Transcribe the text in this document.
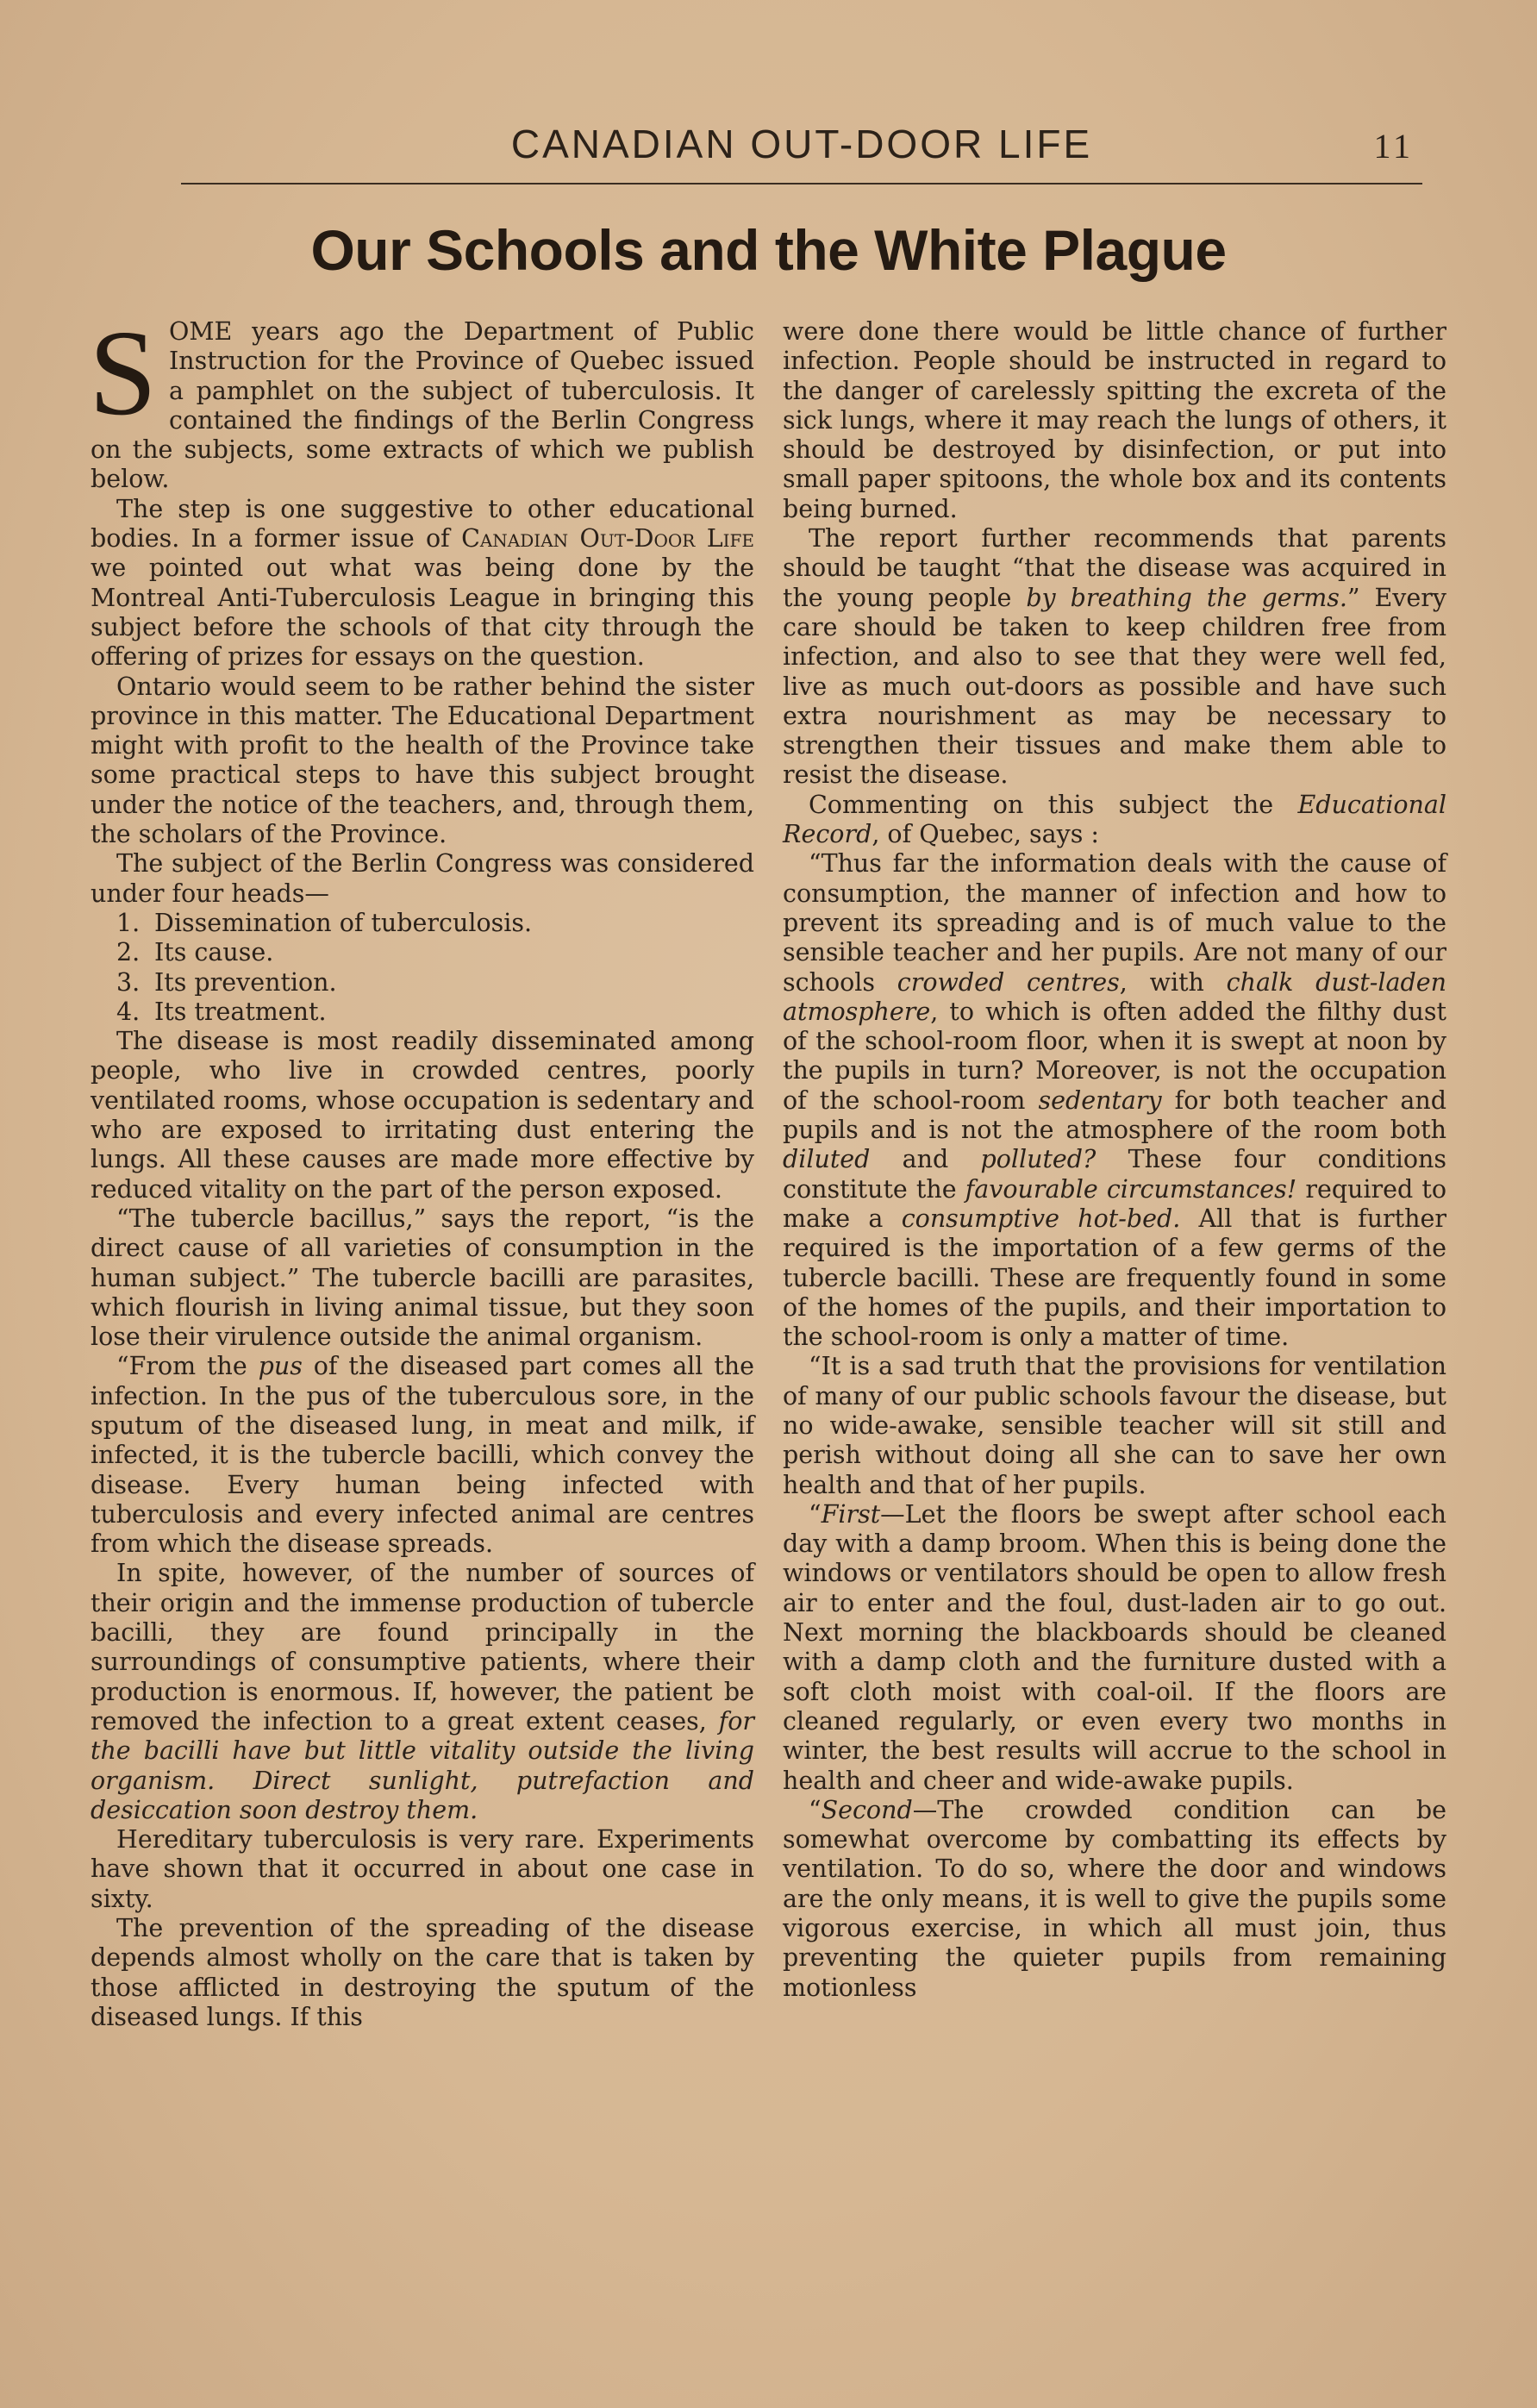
CANADIAN OUT-DOOR LIFE	11
Our Schools and the White Plague

SOME years ago the Department of Public Instruction for the Province of Quebec issued a pamphlet on the subject of tuberculosis. It contained the findings of the Berlin Congress on the subjects, some extracts of which we publish below.

The step is one suggestive to other educational bodies. In a former issue of Canadian Out-Door Life we pointed out what was being done by the Montreal Anti-Tuberculosis League in bringing this subject before the schools of that city through the offering of prizes for essays on the question.

Ontario would seem to be rather behind the sister province in this matter. The Educational Department might with profit to the health of the Province take some practical steps to have this subject brought under the notice of the teachers, and, through them, the scholars of the Province.

The subject of the Berlin Congress was considered under four heads—

1. Dissemination of tuberculosis.
2. Its cause.
3. Its prevention.
4. Its treatment.

The disease is most readily disseminated among people, who live in crowded centres, poorly ventilated rooms, whose occupation is sedentary and who are exposed to irritating dust entering the lungs. All these causes are made more effective by reduced vitality on the part of the person exposed.

“The tubercle bacillus,” says the report, “is the direct cause of all varieties of consumption in the human subject.” The tubercle bacilli are parasites, which flourish in living animal tissue, but they soon lose their virulence outside the animal organism.

“From the pus of the diseased part comes all the infection. In the pus of the tuberculous sore, in the sputum of the diseased lung, in meat and milk, if infected, it is the tubercle bacilli, which convey the disease. Every human being infected with tuberculosis and every infected animal are centres from which the disease spreads.

In spite, however, of the number of sources of their origin and the immense production of tubercle bacilli, they are found principally in the surroundings of consumptive patients, where their production is enormous. If, however, the patient be removed the infection to a great extent ceases, for the bacilli have but little vitality outside the living organism. Direct sunlight, putrefaction and desiccation soon destroy them.

Hereditary tuberculosis is very rare. Experiments have shown that it occurred in about one case in sixty.

The prevention of the spreading of the disease depends almost wholly on the care that is taken by those afflicted in destroying the sputum of the diseased lungs. If this

were done there would be little chance of further infection. People should be instructed in regard to the danger of carelessly spitting the excreta of the sick lungs, where it may reach the lungs of others, it should be destroyed by disinfection, or put into small paper spitoons, the whole box and its contents being burned.

The report further recommends that parents should be taught “that the disease was acquired in the young people by breathing the germs.” Every care should be taken to keep children free from infection, and also to see that they were well fed, live as much out-doors as possible and have such extra nourishment as may be necessary to strengthen their tissues and make them able to resist the disease.

Commenting on this subject the Educational Record, of Quebec, says :

“Thus far the information deals with the cause of consumption, the manner of infection and how to prevent its spreading and is of much value to the sensible teacher and her pupils. Are not many of our schools crowded centres, with chalk dust-laden atmosphere, to which is often added the filthy dust of the school-room floor, when it is swept at noon by the pupils in turn? Moreover, is not the occupation of the school-room sedentary for both teacher and pupils and is not the atmosphere of the room both diluted and polluted? These four conditions constitute the favourable circumstances! required to make a consumptive hot-bed. All that is further required is the importation of a few germs of the tubercle bacilli. These are frequently found in some of the homes of the pupils, and their importation to the school-room is only a matter of time.

“It is a sad truth that the provisions for ventilation of many of our public schools favour the disease, but no wide-awake, sensible teacher will sit still and perish without doing all she can to save her own health and that of her pupils.

“First—Let the floors be swept after school each day with a damp broom. When this is being done the windows or ventilators should be open to allow fresh air to enter and the foul, dust-laden air to go out. Next morning the blackboards should be cleaned with a damp cloth and the furniture dusted with a soft cloth moist with coal-oil. If the floors are cleaned regularly, or even every two months in winter, the best results will accrue to the school in health and cheer and wide-awake pupils.

“Second—The crowded condition can be somewhat overcome by combatting its effects by ventilation. To do so, where the door and windows are the only means, it is well to give the pupils some vigorous exercise, in which all must join, thus preventing the quieter pupils from remaining motionless
